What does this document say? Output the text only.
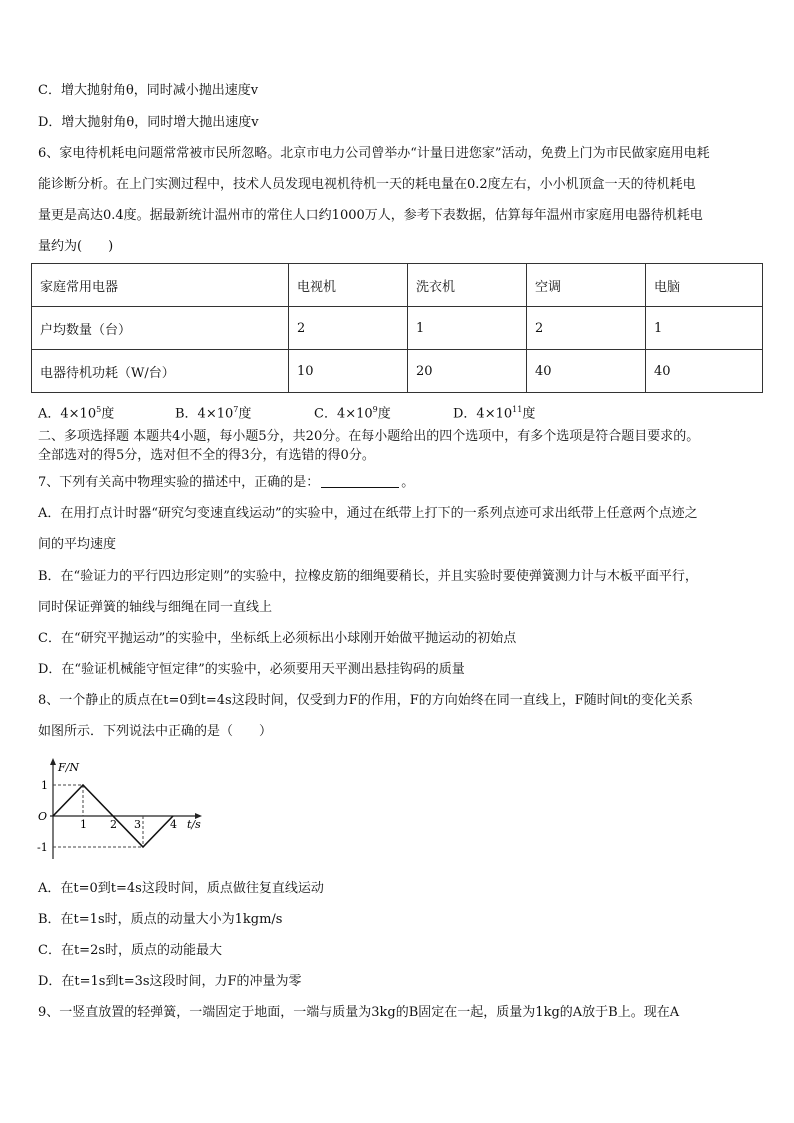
C．增大抛射角θ，同时减小抛出速度v
D．增大抛射角θ，同时增大抛出速度v
6、家电待机耗电问题常常被市民所忽略。北京市电力公司曾举办“计量日进您家”活动，免费上门为市民做家庭用电耗
能诊断分析。在上门实测过程中，技术人员发现电视机待机一天的耗电量在0.2度左右，小小机顶盒一天的待机耗电
量更是高达0.4度。据最新统计温州市的常住人口约1000万人，参考下表数据，估算每年温州市家庭用电器待机耗电
量约为(　　)
家庭常用电器	电视机	洗衣机	空调	电脑
户均数量（台）	2	1	2	1
电器待机功耗（W/台）	10	20	40	40
A．$4\times 10^5$度	B．$4\times 10^7$度	C．$4\times 10^9$度	D．$4\times 10^{11}$度
二、多项选择题 本题共4小题，每小题5分，共20分。在每小题给出的四个选项中，有多个选项是符合题目要求的。
全部选对的得5分，选对但不全的得3分，有选错的得0分。
7、下列有关高中物理实验的描述中，正确的是：	。
A．在用打点计时器“研究匀变速直线运动”的实验中，通过在纸带上打下的一系列点迹可求出纸带上任意两个点迹之
间的平均速度
B．在“验证力的平行四边形定则”的实验中，拉橡皮筋的细绳要稍长，并且实验时要使弹簧测力计与木板平面平行，
同时保证弹簧的轴线与细绳在同一直线上
C．在“研究平抛运动”的实验中，坐标纸上必须标出小球刚开始做平抛运动的初始点
D．在“验证机械能守恒定律”的实验中，必须要用天平测出悬挂钩码的质量
8、一个静止的质点在t=0到t=4s这段时间，仅受到力F的作用，F的方向始终在同一直线上，F随时间t的变化关系
如图所示．下列说法中正确的是（　　）
F/N
t/s
O
1
-1
1 2 3	4
A．在t=0到t=4s这段时间，质点做往复直线运动
B．在t=1s时，质点的动量大小为1kgm/s
C．在t=2s时，质点的动能最大
D．在t=1s到t=3s这段时间，力F的冲量为零
9、一竖直放置的轻弹簧，一端固定于地面，一端与质量为3kg的B固定在一起，质量为1kg的A放于B上。现在A
